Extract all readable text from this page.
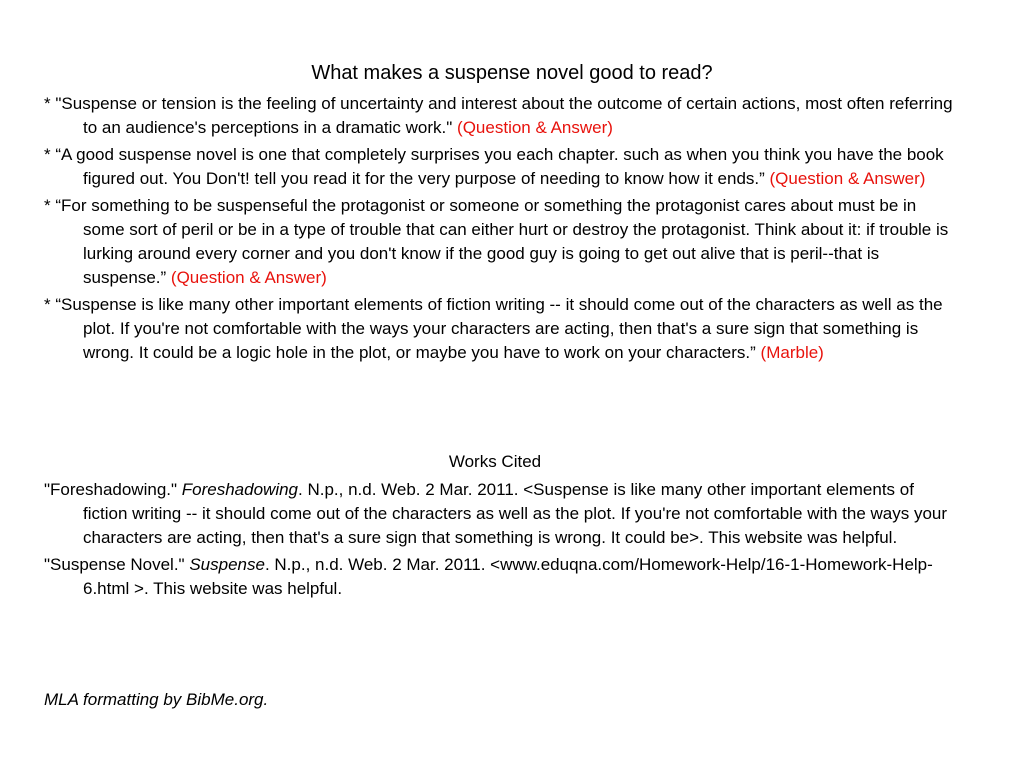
What makes a suspense novel good to read?

* "Suspense or tension is the feeling of uncertainty and interest about the outcome of certain actions, most often referring to an audience's perceptions in a dramatic work." (Question & Answer)

* “A good suspense novel is one that completely surprises you each chapter. such as when you think you have the book figured out. You Don't! tell you read it for the very purpose of needing to know how it ends.” (Question & Answer)

* “For something to be suspenseful the protagonist or someone or something the protagonist cares about must be in some sort of peril or be in a type of trouble that can either hurt or destroy the protagonist. Think about it: if trouble is lurking around every corner and you don't know if the good guy is going to get out alive that is peril--that is suspense.” (Question & Answer)

* “Suspense is like many other important elements of fiction writing -- it should come out of the characters as well as the plot. If you're not comfortable with the ways your characters are acting, then that's a sure sign that something is wrong. It could be a logic hole in the plot, or maybe you have to work on your characters.” (Marble)

Works Cited

"Foreshadowing." Foreshadowing. N.p., n.d. Web. 2 Mar. 2011. <Suspense is like many other important elements of fiction writing -- it should come out of the characters as well as the plot. If you're not comfortable with the ways your characters are acting, then that's a sure sign that something is wrong. It could be>. This website was helpful.

"Suspense Novel." Suspense. N.p., n.d. Web. 2 Mar. 2011. <www.eduqna.com/Homework-Help/16-1-Homework-Help-6.html >. This website was helpful.

MLA formatting by BibMe.org.
